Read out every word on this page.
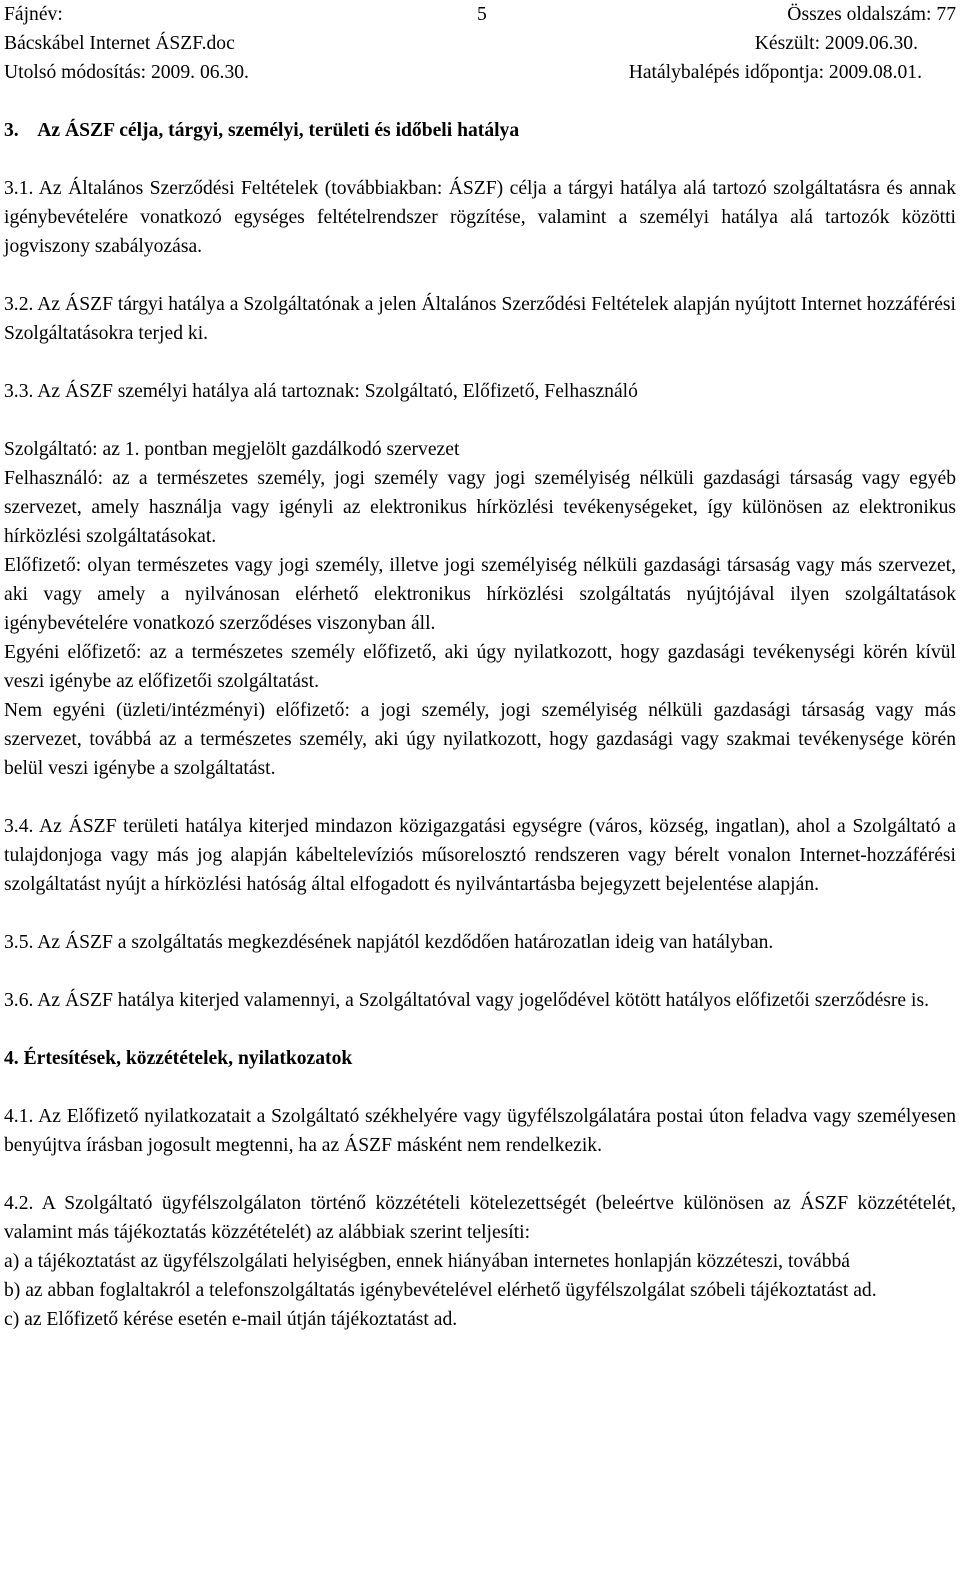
Fájnév:	5	Összes oldalszám: 77
Bácskábel Internet ÁSZF.doc	Készült: 2009.06.30.
Utolsó módosítás: 2009. 06.30.	Hatálybalépés időpontja: 2009.08.01.

3.    Az ÁSZF célja, tárgyi, személyi, területi és időbeli hatálya

3.1. Az Általános Szerződési Feltételek (továbbiakban: ÁSZF) célja a tárgyi hatálya alá tartozó szolgáltatásra és annak igénybevételére vonatkozó egységes feltételrendszer rögzítése, valamint a személyi hatálya alá tartozók közötti jogviszony szabályozása.

3.2. Az ÁSZF tárgyi hatálya a Szolgáltatónak a jelen Általános Szerződési Feltételek alapján nyújtott Internet hozzáférési Szolgáltatásokra terjed ki.

3.3. Az ÁSZF személyi hatálya alá tartoznak: Szolgáltató, Előfizető, Felhasználó

Szolgáltató: az 1. pontban megjelölt gazdálkodó szervezet

Felhasználó: az a természetes személy, jogi személy vagy jogi személyiség nélküli gazdasági társaság vagy egyéb szervezet, amely használja vagy igényli az elektronikus hírközlési tevékenységeket, így különösen az elektronikus hírközlési szolgáltatásokat.

Előfizető: olyan természetes vagy jogi személy, illetve jogi személyiség nélküli gazdasági társaság vagy más szervezet, aki vagy amely a nyilvánosan elérhető elektronikus hírközlési szolgáltatás nyújtójával ilyen szolgáltatások igénybevételére vonatkozó szerződéses viszonyban áll.

Egyéni előfizető: az a természetes személy előfizető, aki úgy nyilatkozott, hogy gazdasági tevékenységi körén kívül veszi igénybe az előfizetői szolgáltatást.

Nem egyéni (üzleti/intézményi) előfizető: a jogi személy, jogi személyiség nélküli gazdasági társaság vagy más szervezet, továbbá az a természetes személy, aki úgy nyilatkozott, hogy gazdasági vagy szakmai tevékenysége körén belül veszi igénybe a szolgáltatást.

3.4. Az ÁSZF területi hatálya kiterjed mindazon közigazgatási egységre (város, község, ingatlan), ahol a Szolgáltató a tulajdonjoga vagy más jog alapján kábeltelevíziós műsorelosztó rendszeren vagy bérelt vonalon Internet-hozzáférési szolgáltatást nyújt a hírközlési hatóság által elfogadott és nyilvántartásba bejegyzett bejelentése alapján.

3.5. Az ÁSZF a szolgáltatás megkezdésének napjától kezdődően határozatlan ideig van hatályban.

3.6. Az ÁSZF hatálya kiterjed valamennyi, a Szolgáltatóval vagy jogelődével kötött hatályos előfizetői szerződésre is.

4. Értesítések, közzétételek, nyilatkozatok

4.1. Az Előfizető nyilatkozatait a Szolgáltató székhelyére vagy ügyfélszolgálatára postai úton feladva vagy személyesen benyújtva írásban jogosult megtenni, ha az ÁSZF másként nem rendelkezik.

4.2. A Szolgáltató ügyfélszolgálaton történő közzétételi kötelezettségét (beleértve különösen az ÁSZF közzétételét, valamint más tájékoztatás közzétételét) az alábbiak szerint teljesíti:

a) a tájékoztatást az ügyfélszolgálati helyiségben, ennek hiányában internetes honlapján közzéteszi, továbbá

b) az abban foglaltakról a telefonszolgáltatás igénybevételével elérhető ügyfélszolgálat szóbeli tájékoztatást ad.

c) az Előfizető kérése esetén e-mail útján tájékoztatást ad.
